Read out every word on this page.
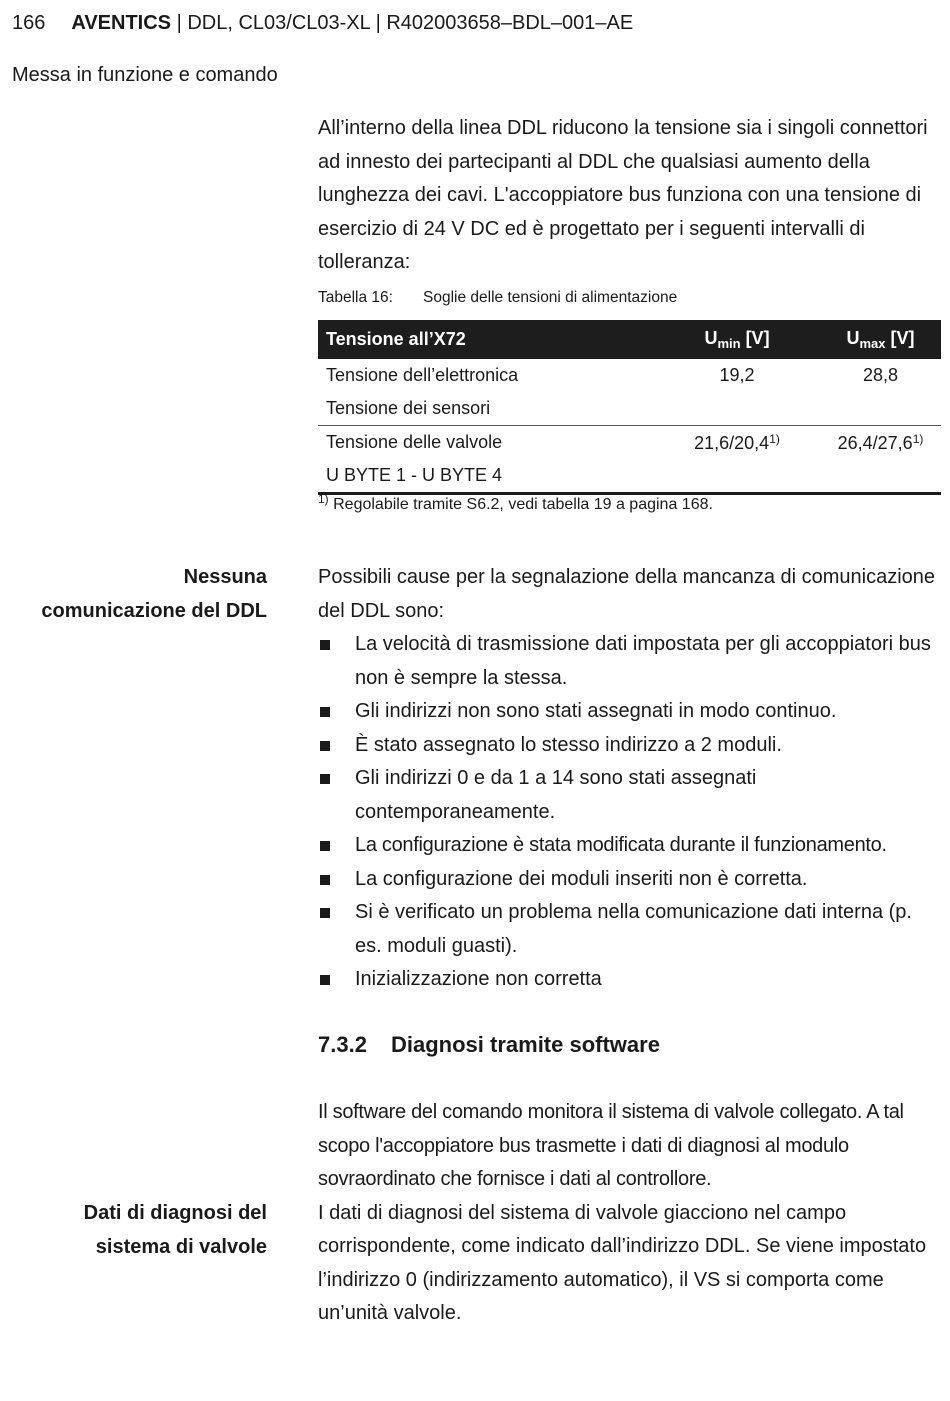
166 AVENTICS | DDL, CL03/CL03-XL | R402003658–BDL–001–AE
Messa in funzione e comando
All’interno della linea DDL riducono la tensione sia i singoli connettori ad innesto dei partecipanti al DDL che qualsiasi aumento della lunghezza dei cavi. L'accoppiatore bus funziona con una tensione di esercizio di 24 V DC ed è progettato per i seguenti intervalli di tolleranza:
Tabella 16: Soglie delle tensioni di alimentazione
Tensione all’X72	$U_{min}$ [V]	$U_{max}$ [V]
Tensione dell’elettronica	19,2	28,8
Tensione dei sensori		
Tensione delle valvole	21,6/20,4$^{1)}$	26,4/27,6$^{1)}$
U BYTE 1 - U BYTE 4		
$^{1)}$ Regolabile tramite S6.2, vedi tabella 19 a pagina 168.
Nessuna
comunicazione del DDL
Possibili cause per la segnalazione della mancanza di comunicazione del DDL sono:
La velocità di trasmissione dati impostata per gli accoppiatori bus non è sempre la stessa.
Gli indirizzi non sono stati assegnati in modo continuo.
È stato assegnato lo stesso indirizzo a 2 moduli.
Gli indirizzi 0 e da 1 a 14 sono stati assegnati contemporaneamente.
La configurazione è stata modificata durante il funzionamento.
La configurazione dei moduli inseriti non è corretta.
Si è verificato un problema nella comunicazione dati interna (p. es. moduli guasti).
Inizializzazione non corretta
7.3.2 Diagnosi tramite software
Dati di diagnosi del
sistema di valvole
Il software del comando monitora il sistema di valvole collegato. A tal scopo l'accoppiatore bus trasmette i dati di diagnosi al modulo sovraordinato che fornisce i dati al controllore.
I dati di diagnosi del sistema di valvole giacciono nel campo corrispondente, come indicato dall’indirizzo DDL. Se viene impostato l’indirizzo 0 (indirizzamento automatico), il VS si comporta come un’unità valvole.
